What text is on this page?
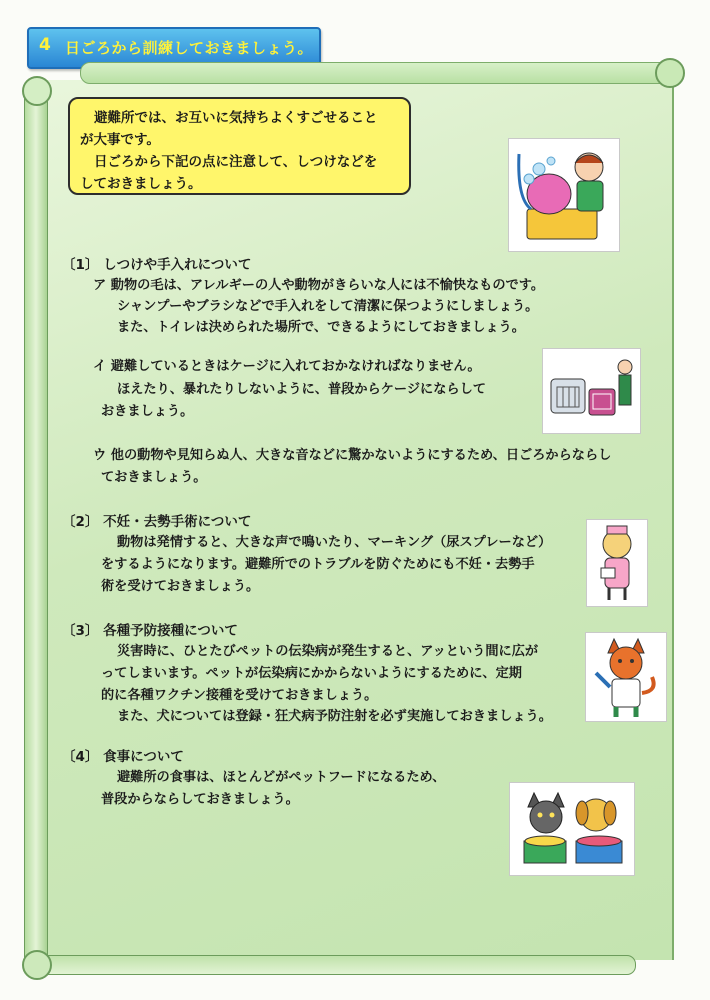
4 日ごろから訓練しておきましょう。
避難所では、お互いに気持ちよくすごせること
が大事です。
日ごろから下記の点に注意して、しつけなどを
しておきましょう。
〔1〕 しつけや手入れについて
ア 動物の毛は、アレルギーの人や動物がきらいな人には不愉快なものです。
シャンプーやブラシなどで手入れをして清潔に保つようにしましょう。
また、トイレは決められた場所で、できるようにしておきましょう。
イ 避難しているときはケージに入れておかなければなりません。
ほえたり、暴れたりしないように、普段からケージにならして
おきましょう。
ウ 他の動物や見知らぬ人、大きな音などに驚かないようにするため、日ごろからならし
ておきましょう。
〔2〕 不妊・去勢手術について
動物は発情すると、大きな声で鳴いたり、マーキング（尿スプレーなど）
をするようになります。避難所でのトラブルを防ぐためにも不妊・去勢手
術を受けておきましょう。
〔3〕 各種予防接種について
災害時に、ひとたびペットの伝染病が発生すると、アッという間に広が
ってしまいます。ペットが伝染病にかからないようにするために、定期
的に各種ワクチン接種を受けておきましょう。
また、犬については登録・狂犬病予防注射を必ず実施しておきましょう。
〔4〕 食事について
避難所の食事は、ほとんどがペットフードになるため、
普段からならしておきましょう。
